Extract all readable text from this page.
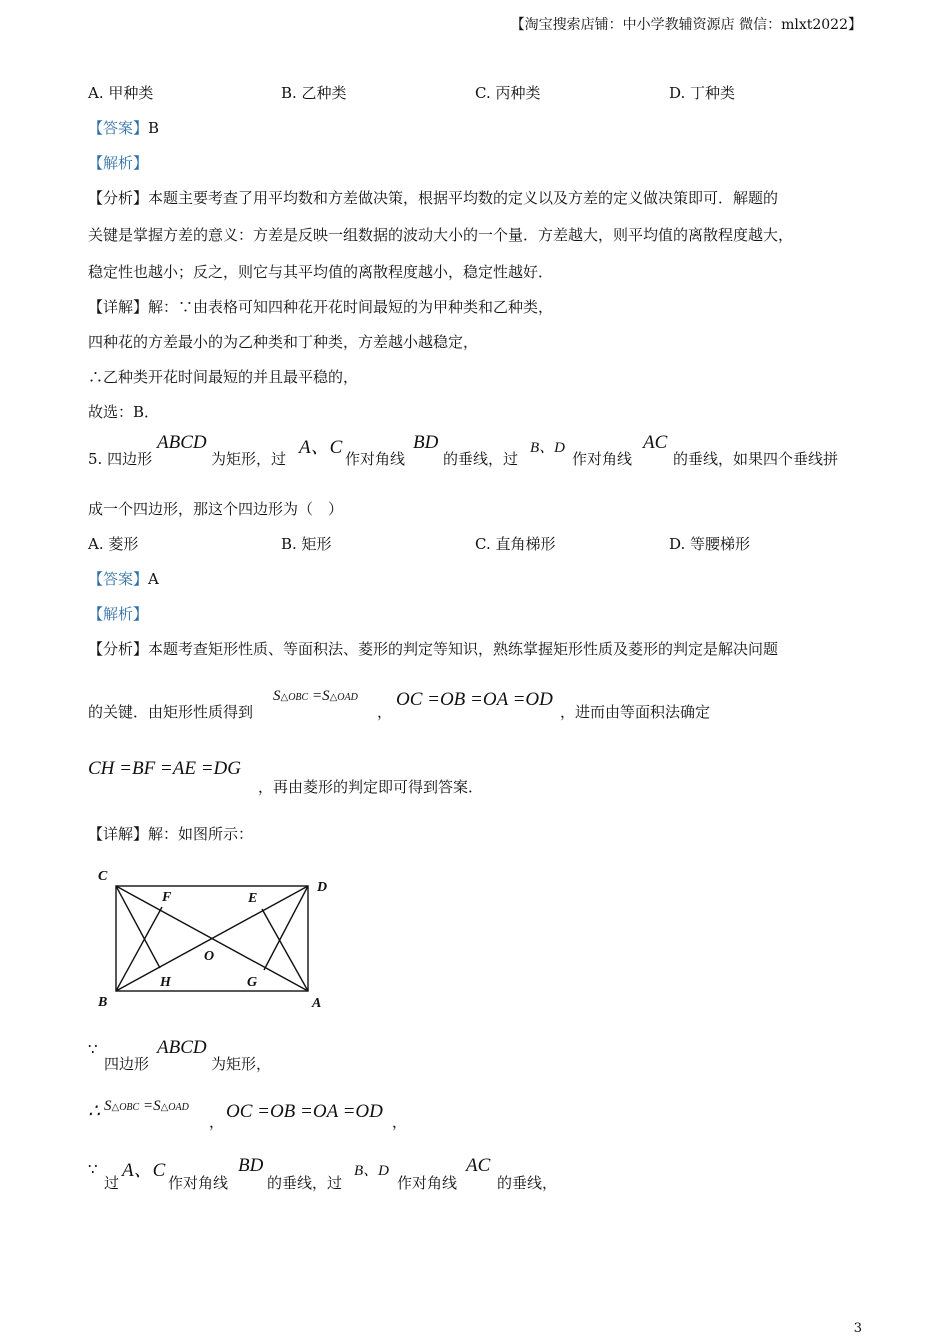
【淘宝搜索店铺：中小学教辅资源店 微信：mlxt2022】
A. 甲种类	B. 乙种类	C. 丙种类	D. 丁种类
【答案】B
【解析】
【分析】本题主要考查了用平均数和方差做决策，根据平均数的定义以及方差的定义做决策即可．解题的
关键是掌握方差的意义：方差是反映一组数据的波动大小的一个量．方差越大，则平均值的离散程度越大，
稳定性也越小；反之，则它与其平均值的离散程度越小，稳定性越好．
【详解】解：∵由表格可知四种花开花时间最短的为甲种类和乙种类，
四种花的方差最小的为乙种类和丁种类，方差越小越稳定，
∴乙种类开花时间最短的并且最平稳的，
故选：B．
5. 四边形
ABCD
为矩形，过
A、C
作对角线
BD
的垂线，过
B、D
作对角线
AC
的垂线，如果四个垂线拼
成一个四边形，那这个四边形为（　）
A. 菱形	B. 矩形	C. 直角梯形	D. 等腰梯形
【答案】A
【解析】
【分析】本题考查矩形性质、等面积法、菱形的判定等知识，熟练掌握矩形性质及菱形的判定是解决问题
的关键．由矩形性质得到
S△OBC =S△OAD
，
OC =OB =OA =OD
，进而由等面积法确定
CH =BF =AE =DG
，再由菱形的判定即可得到答案．
【详解】解：如图所示：
C
D
F	E
O
H	G
B	A
∵
四边形
ABCD
为矩形，
∴ S△OBC =S△OAD
， OC =OB =OA =OD ，
∵
过
A、C
作对角线
BD
的垂线，过
B、D
作对角线
AC
的垂线，
3
